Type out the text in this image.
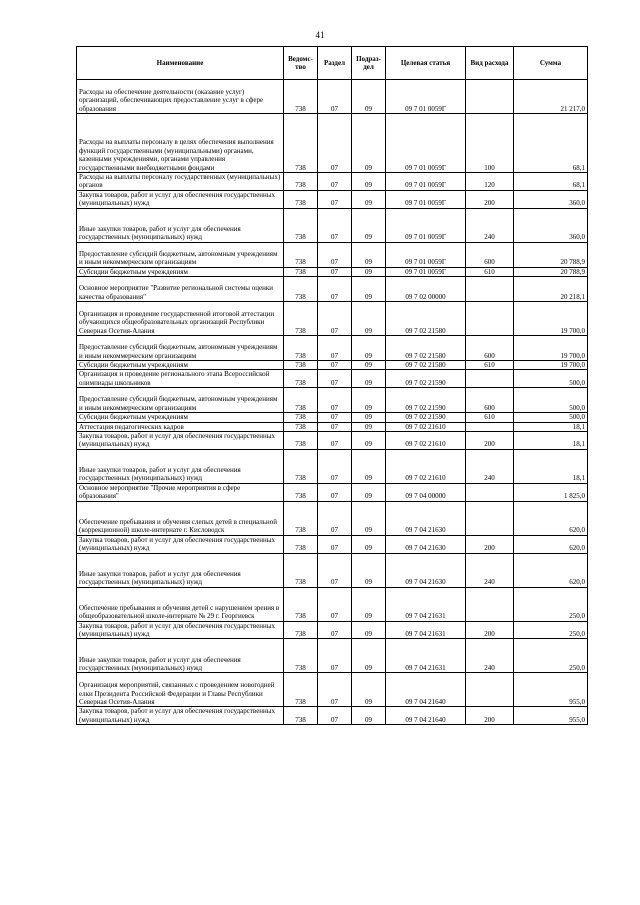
41
Наименование	Ведомс-тво	Раздел	Подраз-дел	Целевая статья	Вид расхода	Сумма
Расходы на обеспечение деятельности (оказание услуг) организаций, обеспечивающих предоставление услуг в сфере образования	738	07	09	09 7 01 0059Г		21 217,0
Расходы на выплаты персоналу в целях обеспечения выполнения функций государственными (муниципальными) органами, казенными учреждениями, органами управления государственными внебюджетными фондами	738	07	09	09 7 01 0059Г	100	68,1
Расходы на выплаты персоналу государственных (муниципальных) органов	738	07	09	09 7 01 0059Г	120	68,1
Закупка товаров, работ и услуг для обеспечения государственных (муниципальных) нужд	738	07	09	09 7 01 0059Г	200	360,0
Иные закупки товаров, работ и услуг для обеспечения государственных (муниципальных) нужд	738	07	09	09 7 01 0059Г	240	360,0
Предоставление субсидий бюджетным, автономным учреждениям и иным некоммерческим организациям	738	07	09	09 7 01 0059Г	600	20 788,9
Субсидии бюджетным учреждениям	738	07	09	09 7 01 0059Г	610	20 788,9
Основное мероприятие "Развитие региональной системы оценки качества образования"	738	07	09	09 7 02 00000		20 218,1
Организация и проведение государственной итоговой аттестации обучающихся общеобразовательных организаций Республики Северная Осетия-Алания	738	07	09	09 7 02 21580		19 700,0
Предоставление субсидий бюджетным, автономным учреждениям и иным некоммерческим организациям	738	07	09	09 7 02 21580	600	19 700,0
Субсидии бюджетным учреждениям	738	07	09	09 7 02 21580	610	19 700,0
Организация и проведение регионального этапа Всероссийской олимпиады школьников	738	07	09	09 7 02 21590		500,0
Предоставление субсидий бюджетным, автономным учреждениям и иным некоммерческим организациям	738	07	09	09 7 02 21590	600	500,0
Субсидии бюджетным учреждениям	738	07	09	09 7 02 21590	610	500,0
Аттестация педагогических кадров	738	07	09	09 7 02 21610		18,1
Закупка товаров, работ и услуг для обеспечения государственных (муниципальных) нужд	738	07	09	09 7 02 21610	200	18,1
Иные закупки товаров, работ и услуг для обеспечения государственных (муниципальных) нужд	738	07	09	09 7 02 21610	240	18,1
Основное мероприятие "Прочие мероприятия в сфере образования"	738	07	09	09 7 04 00000		1 825,0
Обеспечение пребывания и обучения слепых детей в специальной (коррекционной) школе-интернате г. Кисловодск	738	07	09	09 7 04 21630		620,0
Закупка товаров, работ и услуг для обеспечения государственных (муниципальных) нужд	738	07	09	09 7 04 21630	200	620,0
Иные закупки товаров, работ и услуг для обеспечения государственных (муниципальных) нужд	738	07	09	09 7 04 21630	240	620,0
Обеспечение пребывания и обучения детей с нарушением зрения в общеобразовательной школе-интернате № 29 г. Георгиевск	738	07	09	09 7 04 21631		250,0
Закупка товаров, работ и услуг для обеспечения государственных (муниципальных) нужд	738	07	09	09 7 04 21631	200	250,0
Иные закупки товаров, работ и услуг для обеспечения государственных (муниципальных) нужд	738	07	09	09 7 04 21631	240	250,0
Организация мероприятий, связанных с проведением новогодней елки Президента Российской Федерации и Главы Республики Северная Осетия-Алания	738	07	09	09 7 04 21640		955,0
Закупка товаров, работ и услуг для обеспечения государственных (муниципальных) нужд	738	07	09	09 7 04 21640	200	955,0
